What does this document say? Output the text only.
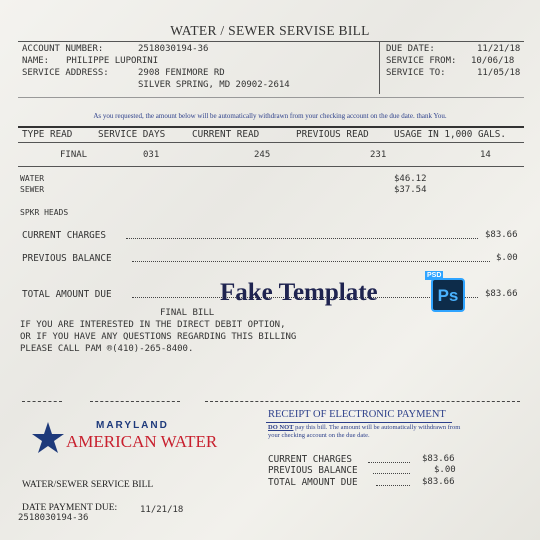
WATER / SEWER SERVISE BILL
ACCOUNT NUMBER:	2518030194-36
NAME: PHILIPPE LUPORINI
SERVICE ADDRESS:	2908 FENIMORE RD
SILVER SPRING, MD 20902-2614
DUE DATE:	11/21/18
SERVICE FROM: 10/06/18
SERVICE TO:	11/05/18
As you requested, the amount below will be automatically withdrawn from your checking account on the due date. thank You.
TYPE READ	SERVICE DAYS	CURRENT READ	PREVIOUS READ	USAGE IN 1,000 GALS.
FINAL	031	245	231	14
WATER	$46.12
SEWER	$37.54
SPKR HEADS
CURRENT CHARGES	$83.66
PREVIOUS BALANCE	$.00
TOTAL AMOUNT DUE	$83.66
Fake Template	Ps
PSD
FINAL BILL
IF YOU ARE INTERESTED IN THE DIRECT DEBIT OPTION,
OR IF YOU HAVE ANY QUESTIONS REGARDING THIS BILLING
PLEASE CALL PAM ®(410)-265-8400.
MARYLAND
AMERICAN WATER
WATER/SEWER SERVICE BILL
DATE PAYMENT DUE:	11/21/18
2518030194-36
RECEIPT OF ELECTRONIC PAYMENT
DO NOT pay this bill. The amount will be automatically withdrawn from
your checking account on the due date.
CURRENT CHARGES	$83.66
PREVIOUS BALANCE	$.00
TOTAL AMOUNT DUE	$83.66
